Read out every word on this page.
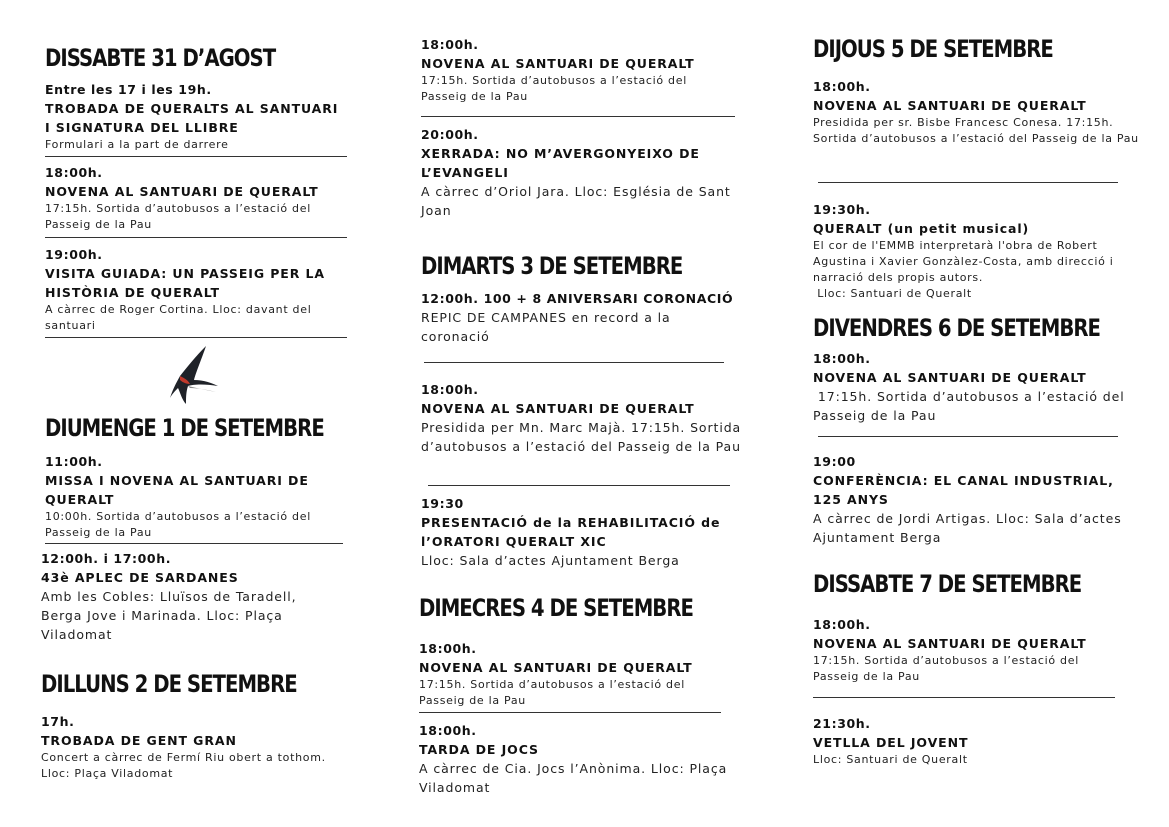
DISSABTE 31 D’AGOST
Entre les 17 i les 19h.
TROBADA DE QUERALTS AL SANTUARI I SIGNATURA DEL LLIBRE
Formulari a la part de darrere
18:00h.
NOVENA AL SANTUARI DE QUERALT
17:15h. Sortida d’autobusos a l’estació del Passeig de la Pau
19:00h.
VISITA GUIADA: UN PASSEIG PER LA HISTÒRIA DE QUERALT
A càrrec de Roger Cortina. Lloc: davant del santuari
DIUMENGE 1 DE SETEMBRE
11:00h.
MISSA I NOVENA AL SANTUARI DE QUERALT
10:00h. Sortida d’autobusos a l’estació del Passeig de la Pau
12:00h. i 17:00h.
43è APLEC DE SARDANES
Amb les Cobles: Lluïsos de Taradell, Berga Jove i Marinada. Lloc: Plaça Viladomat
DILLUNS 2 DE SETEMBRE
17h.
TROBADA DE GENT GRAN
Concert a càrrec de Fermí Riu obert a tothom. Lloc: Plaça Viladomat
18:00h.
NOVENA AL SANTUARI DE QUERALT
17:15h. Sortida d’autobusos a l’estació del Passeig de la Pau
20:00h.
XERRADA: NO M’AVERGONYEIXO DE L’EVANGELI
A càrrec d’Oriol Jara. Lloc: Església de Sant Joan
DIMARTS 3 DE SETEMBRE
12:00h. 100 + 8 ANIVERSARI CORONACIÓ
REPIC DE CAMPANES en record a la coronació
18:00h.
NOVENA AL SANTUARI DE QUERALT
Presidida per Mn. Marc Majà. 17:15h. Sortida d’autobusos a l’estació del Passeig de la Pau
19:30
PRESENTACIÓ de la REHABILITACIÓ de l’ORATORI QUERALT XIC
Lloc: Sala d’actes Ajuntament Berga
DIMECRES 4 DE SETEMBRE
18:00h.
NOVENA AL SANTUARI DE QUERALT
17:15h. Sortida d’autobusos a l’estació del Passeig de la Pau
18:00h.
TARDA DE JOCS
A càrrec de Cia. Jocs l’Anònima. Lloc: Plaça Viladomat
DIJOUS 5 DE SETEMBRE
18:00h.
NOVENA AL SANTUARI DE QUERALT
Presidida per sr. Bisbe Francesc Conesa. 17:15h. Sortida d’autobusos a l’estació del Passeig de la Pau
19:30h.
QUERALT (un petit musical)
El cor de l'EMMB interpretarà l'obra de Robert Agustina i Xavier Gonzàlez-Costa, amb direcció i narració dels propis autors.
Lloc: Santuari de Queralt
DIVENDRES 6 DE SETEMBRE
18:00h.
NOVENA AL SANTUARI DE QUERALT
17:15h. Sortida d’autobusos a l’estació del Passeig de la Pau
19:00
CONFERÈNCIA: EL CANAL INDUSTRIAL, 125 ANYS
A càrrec de Jordi Artigas. Lloc: Sala d’actes Ajuntament Berga
DISSABTE 7 DE SETEMBRE
18:00h.
NOVENA AL SANTUARI DE QUERALT
17:15h. Sortida d’autobusos a l’estació del Passeig de la Pau
21:30h.
VETLLA DEL JOVENT
Lloc: Santuari de Queralt
